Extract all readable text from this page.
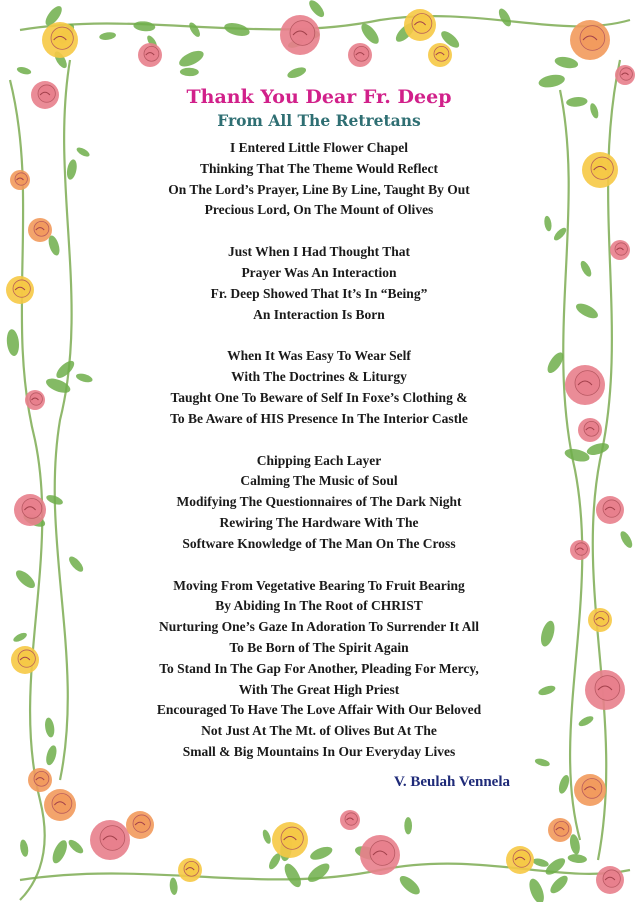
Thank You Dear Fr. Deep
From All The Retretans
I Entered Little Flower Chapel
Thinking That The Theme Would Reflect
On The Lord’s Prayer, Line By Line, Taught By Out
Precious Lord, On The Mount of Olives
Just When I Had Thought That
Prayer Was An Interaction
Fr. Deep Showed That It’s In “Being”
An Interaction Is Born
When It Was Easy To Wear Self
With The Doctrines & Liturgy
Taught One To Beware of Self In Foxe’s Clothing &
To Be Aware of HIS Presence In The Interior Castle
Chipping Each Layer
Calming The Music of Soul
Modifying The Questionnaires of The Dark Night
Rewiring The Hardware With The
Software Knowledge of The Man On The Cross
Moving From Vegetative Bearing To Fruit Bearing
By Abiding In The Root of CHRIST
Nurturing One’s Gaze In Adoration To Surrender It All
To Be Born of The Spirit Again
To Stand In The Gap For Another, Pleading For Mercy,
With The Great High Priest
Encouraged To Have The Love Affair With Our Beloved
Not Just At The Mt. of Olives But At The
Small & Big Mountains In Our Everyday Lives
V. Beulah Vennela
